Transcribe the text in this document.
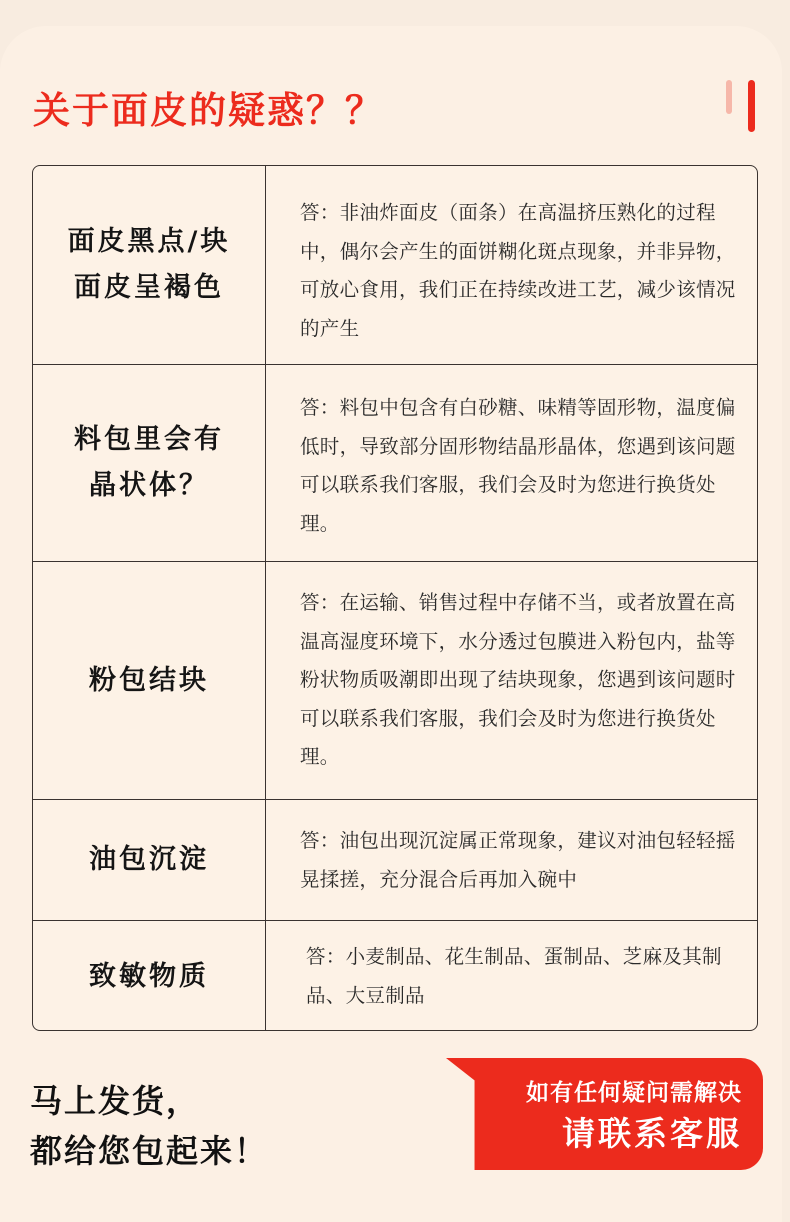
关于面皮的疑惑？？
面皮黑点/块
面皮呈褐色
答：非油炸面皮（面条）在高温挤压熟化的过程中，偶尔会产生的面饼糊化斑点现象，并非异物，可放心食用，我们正在持续改进工艺，减少该情况的产生
料包里会有
晶状体？
答：料包中包含有白砂糖、味精等固形物，温度偏低时，导致部分固形物结晶形晶体，您遇到该问题可以联系我们客服，我们会及时为您进行换货处理。
粉包结块
答：在运输、销售过程中存储不当，或者放置在高温高湿度环境下，水分透过包膜进入粉包内，盐等粉状物质吸潮即出现了结块现象，您遇到该问题时可以联系我们客服，我们会及时为您进行换货处理。
油包沉淀
答：油包出现沉淀属正常现象，建议对油包轻轻摇晃揉搓，充分混合后再加入碗中
致敏物质
答：小麦制品、花生制品、蛋制品、芝麻及其制品、大豆制品
马上发货，
都给您包起来！
如有任何疑问需解决
请联系客服
